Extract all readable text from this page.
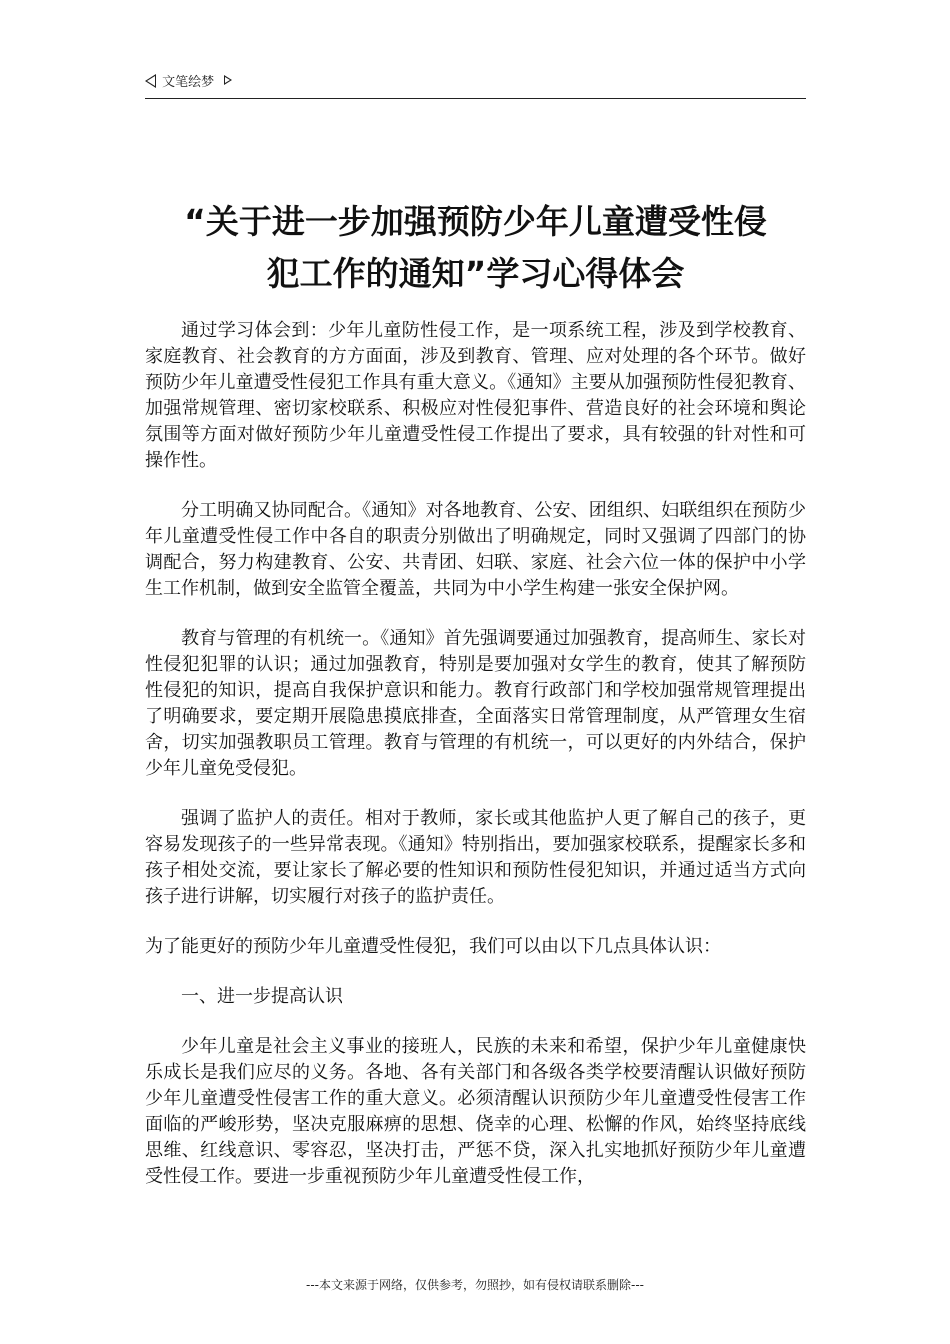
文笔绘梦
“关于进一步加强预防少年儿童遭受性侵
犯工作的通知”学习心得体会

通过学习体会到：少年儿童防性侵工作，是一项系统工程，涉及到学校教育、家庭教育、社会教育的方方面面，涉及到教育、管理、应对处理的各个环节。做好预防少年儿童遭受性侵犯工作具有重大意义。《通知》主要从加强预防性侵犯教育、加强常规管理、密切家校联系、积极应对性侵犯事件、营造良好的社会环境和舆论氛围等方面对做好预防少年儿童遭受性侵工作提出了要求，具有较强的针对性和可操作性。

分工明确又协同配合。《通知》对各地教育、公安、团组织、妇联组织在预防少年儿童遭受性侵工作中各自的职责分别做出了明确规定，同时又强调了四部门的协调配合，努力构建教育、公安、共青团、妇联、家庭、社会六位一体的保护中小学生工作机制，做到安全监管全覆盖，共同为中小学生构建一张安全保护网。

教育与管理的有机统一。《通知》首先强调要通过加强教育，提高师生、家长对性侵犯犯罪的认识；通过加强教育，特别是要加强对女学生的教育，使其了解预防性侵犯的知识，提高自我保护意识和能力。教育行政部门和学校加强常规管理提出了明确要求，要定期开展隐患摸底排查，全面落实日常管理制度，从严管理女生宿舍，切实加强教职员工管理。教育与管理的有机统一，可以更好的内外结合，保护少年儿童免受侵犯。

强调了监护人的责任。相对于教师，家长或其他监护人更了解自己的孩子，更容易发现孩子的一些异常表现。《通知》特别指出，要加强家校联系，提醒家长多和孩子相处交流，要让家长了解必要的性知识和预防性侵犯知识，并通过适当方式向孩子进行讲解，切实履行对孩子的监护责任。

为了能更好的预防少年儿童遭受性侵犯，我们可以由以下几点具体认识：

一、进一步提高认识

少年儿童是社会主义事业的接班人，民族的未来和希望，保护少年儿童健康快乐成长是我们应尽的义务。各地、各有关部门和各级各类学校要清醒认识做好预防少年儿童遭受性侵害工作的重大意义。必须清醒认识预防少年儿童遭受性侵害工作面临的严峻形势，坚决克服麻痹的思想、侥幸的心理、松懈的作风，始终坚持底线思维、红线意识、零容忍，坚决打击，严惩不贷，深入扎实地抓好预防少年儿童遭受性侵工作。要进一步重视预防少年儿童遭受性侵工作，

---本文来源于网络，仅供参考，勿照抄，如有侵权请联系删除---
